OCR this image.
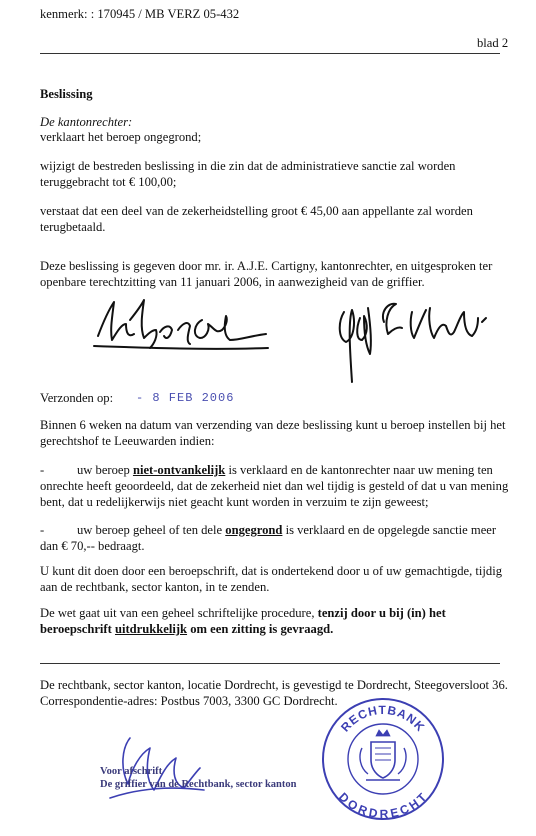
kenmerk: : 170945 / MB VERZ 05-432
blad 2
Beslissing
De kantonrechter:
verklaart het beroep ongegrond;
wijzigt de bestreden beslissing in die zin dat de administratieve sanctie zal worden
teruggebracht tot € 100,00;
verstaat dat een deel van de zekerheidstelling groot € 45,00 aan appellante zal worden
terugbetaald.
Deze beslissing is gegeven door mr. ir. A.J.E. Cartigny, kantonrechter, en uitgesproken ter
openbare terechtzitting van 11 januari 2006, in aanwezigheid van de griffier.
Verzonden op: - 8 FEB 2006
Binnen 6 weken na datum van verzending van deze beslissing kunt u beroep instellen bij het
gerechtshof te Leeuwarden indien:
-	uw beroep niet-ontvankelijk is verklaard en de kantonrechter naar uw mening ten
onrechte heeft geoordeeld, dat de zekerheid niet dan wel tijdig is gesteld of dat u van mening
bent, dat u redelijkerwijs niet geacht kunt worden in verzuim te zijn geweest;
-	uw beroep geheel of ten dele ongegrond is verklaard en de opgelegde sanctie meer
dan € 70,-- bedraagt.
U kunt dit doen door een beroepschrift, dat is ondertekend door u of uw gemachtigde, tijdig
aan de rechtbank, sector kanton, in te zenden.
De wet gaat uit van een geheel schriftelijke procedure, tenzij door u bij (in) het
beroepschrift uitdrukkelijk om een zitting is gevraagd.
De rechtbank, sector kanton, locatie Dordrecht, is gevestigd te Dordrecht, Steegoversloot 36.
Correspondentie-adres: Postbus 7003, 3300 GC Dordrecht.
Voor afschrift
De griffier van de Rechtbank, sector kanton
RECHTBANK
DORDRECHT
